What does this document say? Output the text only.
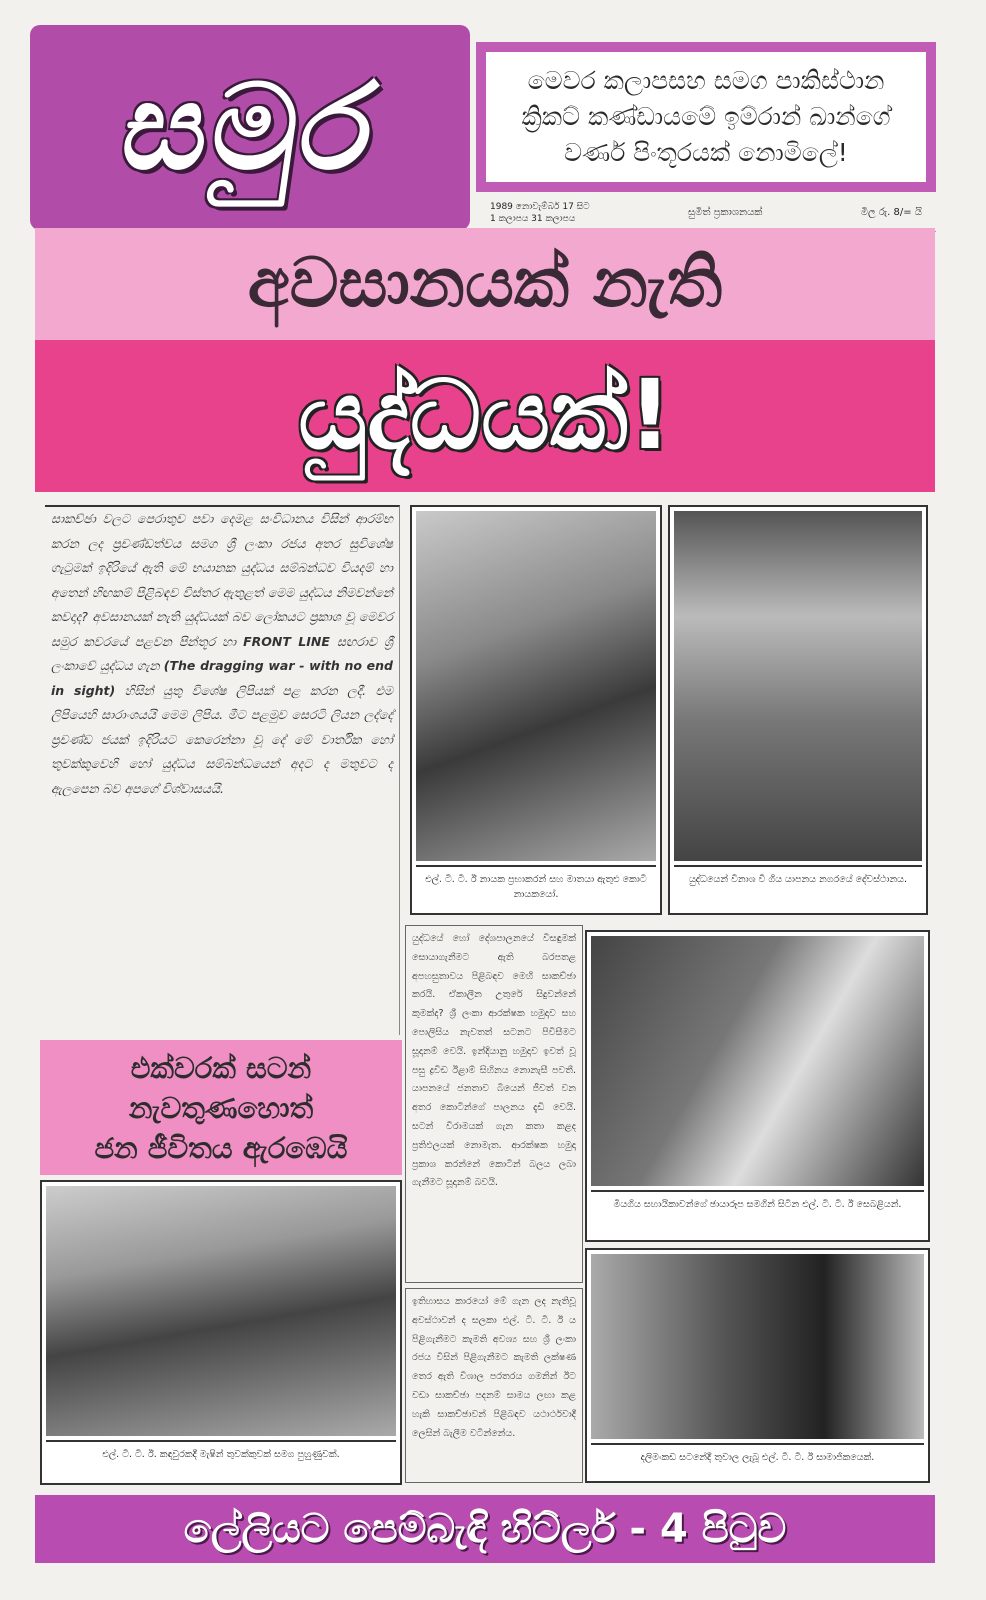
සමුර	මෙවර කලාපසහ සමග පාකිස්ථාන
ක්‍රිකට් කණ්ඩායමේ ඉම්රාන් ඛාන්ගේ
වර්ණ පිංතූරයක් නොමිලේ!
1989 නොවැම්බර් 17 සිට
1 කලාපය 31 කලාපය
සුමිත් ප්‍රකාශනයක්	මිල රු. 8/= යි
අවසානයක් නැති
යුද්ධයක්!
සාකච්ඡා වලට පෙරාතුව පවා දෙමළ සංවිධානය විසින් ආරම්භ කරන ලද ප්‍රචණ්ඩත්වය සමග ශ්‍රී ලංකා රජය අතර සුවිශේෂ ගැටුමක් ඉදිරියේ ඇති මේ භයානක යුද්ධය සම්බන්ධව වියදම් හා අතෙන් හිඟකම් පිළිබඳව විස්තර ඇතුළත් මෙම යුද්ධය නිමවන්නේ කවදාද? අවසානයක් නැති යුද්ධයක් බව ලෝකයට ප්‍රකාශ වූ මෙවර සමුර කවරයේ පළවන පින්තූර හා FRONT LINE සඟරාව ශ්‍රී ලංකාවේ යුද්ධය ගැන (The dragging war - with no end in sight) හිසින් යුතු විශේෂ ලිපියක් පළ කරන ලදී. එම ලිපියෙහි සාරාංශයයි මෙම ලිපිය. මීට පළමුව සෙරටි ලියන ලද්දේ ප්‍රචණ්ඩ ජයක් ඉදිරියට කෙරෙන්නා වූ දේ මේ වාර්තික හෝ තුවක්කුවෙහි හෝ යුද්ධය සම්බන්ධයෙන් අදට ද මතුවට ද ඇලපෙන බව අපගේ විශ්වාසයයි.
එල්. ටී. ටී. ඊ නායක ප්‍රභාකරන් සහ මාතයා ඇතුළු කොටි නායකයෝ.
යුද්ධයෙන් විනාශ වී ගිය යාපනය නගරයේ දේවස්ථානය.
යුද්ධයේ හෝ දේශපාලනයේ විසඳුමක් සොයාගැනීමට ඇති බරපතළ අපහසුතාවය පිළිබඳව මෙහි සාකච්ඡා කරයි. ඒකාලීන උතුරේ සිදුවන්නේ කුමක්ද? ශ්‍රී ලංකා ආරක්ෂක හමුදාව සහ පොලිසිය නැවතත් සටනට පිවිසීමට සූදානම් වෙයි. ඉන්දියානු හමුදාව ඉවත් වූ පසු ද්‍රවිඩ ඊළාම් සිහිනය නොනැසී පවතී. යාපනයේ ජනතාව බියෙන් ජීවත් වන අතර කොටින්ගේ පාලනය දැඩි වෙයි. සටන් විරාමයක් ගැන කතා කළද ප්‍රතිඵලයක් නොමැත. ආරක්ෂක හමුදා ප්‍රකාශ කරන්නේ කොටින් බලය ලබා ගැනීමට සූදානම් බවයි.
ඉතිහාසය කාරයෝ මේ ගැන ලද නැතිවූ අවස්ථාවන් ද සලකා එල්. ටී. ටී. ඊ ය පිළිගැනීමට කැමති අවශ්‍ය සහ ශ්‍රී ලංකා රජය විසින් පිළිගැනීමට කැමති ලක්ෂණ තෙර ඇති විශාල පරතරය ගමනින් ඊට වඩා සාකච්ඡා පදනම් සාමය ලඟා කළ හැකි සාකච්ඡාවන් පිළිබඳව යථාර්ථවාදී ලෙසින් බැලීම වටින්නේය.
මියගිය සහායිකාවන්ගේ ඡායාරූප සමගින් සිටින එල්. ටී. ටී. ඊ සෙබළියන්.
දලිමංකඩ සටනේදී තුවාල ලැබූ එල්. ටී. ටී. ඊ සාමාජිකයෙක්.
එක්වරක් සටන්
නැවතුණහොත්
ජන ජීවිතය ඇරඹෙයි
එල්. ටී. ටී. ඊ. කඳවුරකදී මැෂින් තුවක්කුවක් සමග පුහුණුවක්.
ලේලියට පෙම්බැඳි හිට්ලර් - 4 පිටුව
